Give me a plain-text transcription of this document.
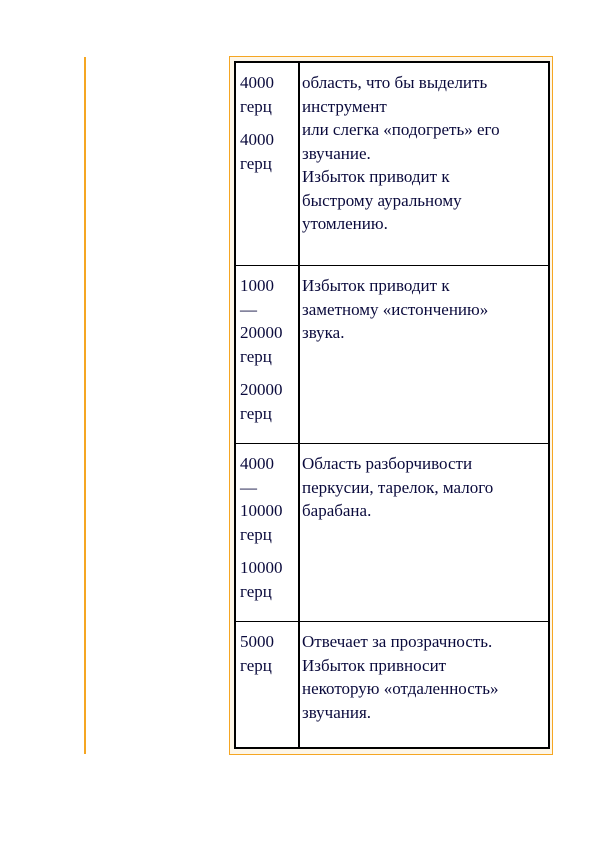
4000
герц
4000
герц
область, что бы выделить
инструмент
или слегка «подогреть» его
звучание.
Избыток приводит к
быстрому ауральному
утомлению.
1000
—
20000
герц
20000
герц
Избыток приводит к
заметному «истончению»
звука.
4000
—
10000
герц
10000
герц
Область разборчивости
перкусии, тарелок, малого
барабана.
5000
герц
Отвечает за прозрачность.
Избыток привносит
некоторую «отдаленность»
звучания.
